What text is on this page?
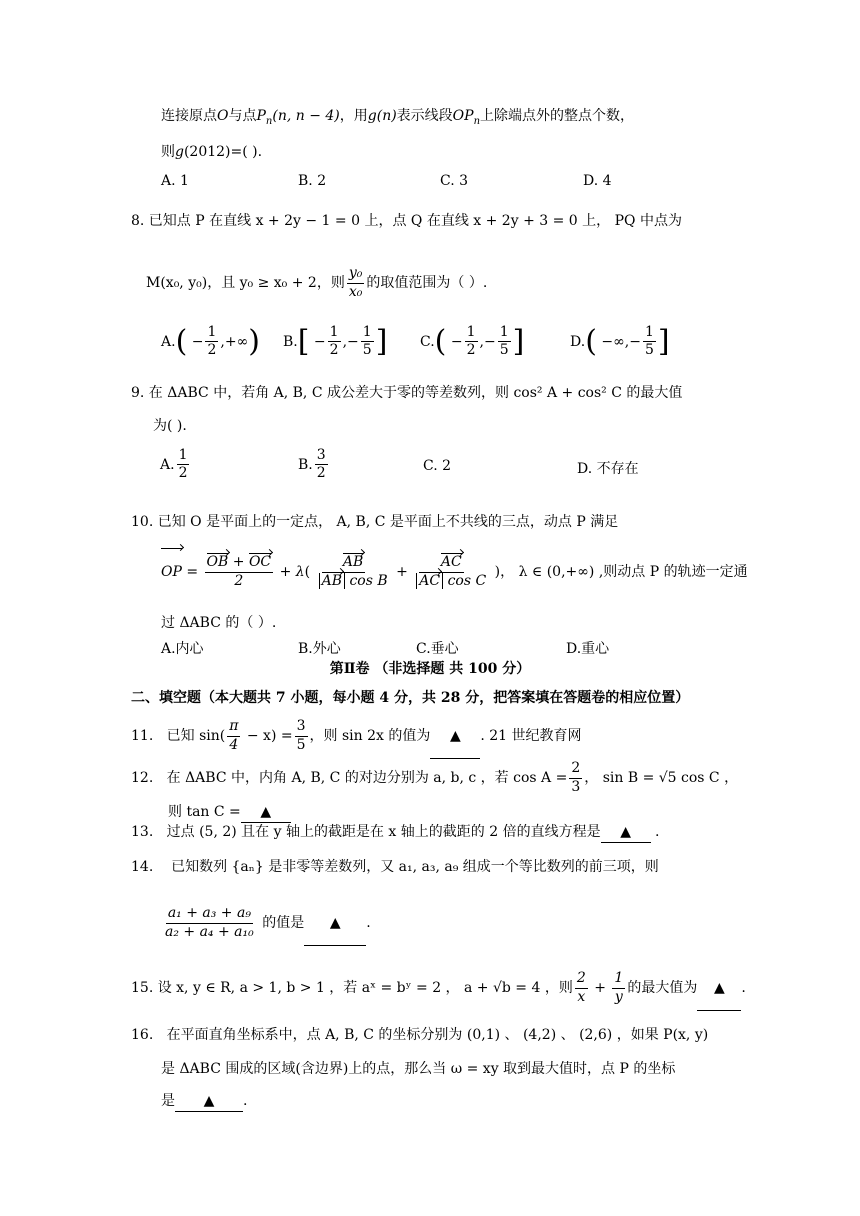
连接原点O与点$P_n(n$, n − 4)，用g(n)表示线段$OP_n$上除端点外的整点个数，
则g(2012)=( ).
A. 1	B. 2	C. 3	D. 4
8. 已知点 P 在直线 x + 2y − 1 = 0 上，点 Q 在直线 x + 2y + 3 = 0 上， PQ 中点为
M(x₀, y₀)，且 y₀ ≥ x₀ + 2，则 $\frac{\text{y₀}}{\text{x₀}}$ 的取值范围为（ ）.
$A.( - \frac{1}{2}$ ,+∞) $B.[ - \frac{1}{2}$ ,− $\frac{1}{5}$ ] $C.( - \frac{1}{2}$ ,− $\frac{1}{5}$ ]	D.( −∞,− $\frac{1}{5}$ ]
9. 在 ΔABC 中，若角 A, B, C 成公差大于零的等差数列，则 cos² A + cos² C 的最大值
为( ).
A. $\frac{1}{2}$	B. $\frac{3}{2}$	C. 2	D. 不存在
10. 已知 O 是平面上的一定点， A, B, C 是平面上不共线的三点，动点 P 满足
OP = $\frac{OB + OC}{2} + \lambda( \frac{AB}{\text{AB cos B}} + \frac{AC}{\text{AC cos C}}$ )， λ ∈ (0,+∞) ,则动点 P 的轨迹一定通
过 ΔABC 的（ ）.
A.内心	B.外心	C.垂心	D.重心
第Ⅱ卷 （非选择题 共 100 分）
二、填空题（本大题共 7 小题，每小题 4 分，共 28 分，把答案填在答题卷的相应位置）
11. 已知 $\sin( \frac{\pi}{4} - x) = \frac{3}{5}$ ，则 sin 2x 的值为 ▲ . 21 世纪教育网
12. 在 ΔABC 中，内角 A, B, C 的对边分别为 a, b, c ，若 $\cos A = \frac{2}{3}$ ， sin B = √5 cos C ，
则 tan C = ▲
13. 过点 (5, 2) 且在 y 轴上的截距是在 x 轴上的截距的 2 倍的直线方程是 ▲ .
14. 已知数列 {aₙ} 是非零等差数列，又 a₁, a₃, a₉ 组成一个等比数列的前三项，则
$\frac{\text{a₁ + a₃ + a₉}}{\text{a₂ + a₄ + a₁₀}}$ 的值是 ▲ .
15. 设 x, y ∈ R, a > 1, b > 1 ，若 aˣ = bʸ = 2 ， a + √b = 4 ，则 $\frac{2}{x} + \frac{1}{y}$ 的最大值为 ▲ .
16. 在平面直角坐标系中，点 A, B, C 的坐标分别为 (0,1) 、 (4,2) 、 (2,6) ，如果 P(x, y)
是 ΔABC 围成的区域(含边界)上的点，那么当 ω = xy 取到最大值时，点 P 的坐标
是 ▲ .
